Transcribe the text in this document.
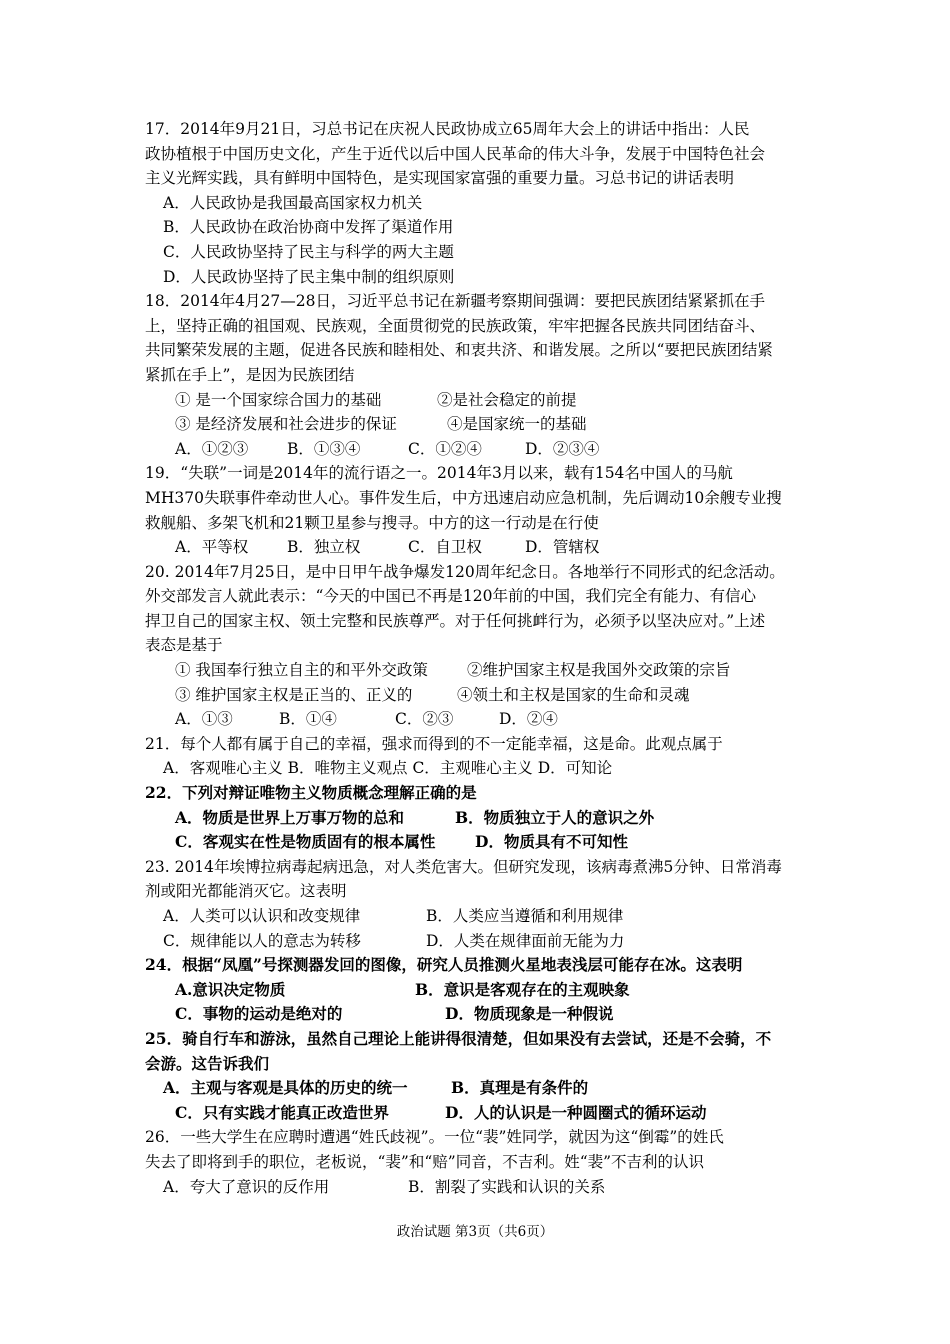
17．2014年9月21日，习总书记在庆祝人民政协成立65周年大会上的讲话中指出：人民
政协植根于中国历史文化，产生于近代以后中国人民革命的伟大斗争，发展于中国特色社会
主义光辉实践，具有鲜明中国特色，是实现国家富强的重要力量。习总书记的讲话表明
A．人民政协是我国最高国家权力机关
B．人民政协在政治协商中发挥了渠道作用
C．人民政协坚持了民主与科学的两大主题
D．人民政协坚持了民主集中制的组织原则
18．2014年4月27—28日，习近平总书记在新疆考察期间强调：要把民族团结紧紧抓在手
上，坚持正确的祖国观、民族观，全面贯彻党的民族政策，牢牢把握各民族共同团结奋斗、
共同繁荣发展的主题，促进各民族和睦相处、和衷共济、和谐发展。之所以“要把民族团结紧
紧抓在手上”，是因为民族团结
① 是一个国家综合国力的基础	②是社会稳定的前提
③ 是经济发展和社会进步的保证	④是国家统一的基础
A．①②③	B．①③④	C．①②④	D．②③④
19．“失联”一词是2014年的流行语之一。2014年3月以来，载有154名中国人的马航
MH370失联事件牵动世人心。事件发生后，中方迅速启动应急机制，先后调动10余艘专业搜
救舰船、多架飞机和21颗卫星参与搜寻。中方的这一行动是在行使
A．平等权	B．独立权	C．自卫权	D．管辖权
20. 2014年7月25日，是中日甲午战争爆发120周年纪念日。各地举行不同形式的纪念活动。
外交部发言人就此表示：“今天的中国已不再是120年前的中国，我们完全有能力、有信心
捍卫自己的国家主权、领土完整和民族尊严。对于任何挑衅行为，必须予以坚决应对。”上述
表态是基于
① 我国奉行独立自主的和平外交政策	②维护国家主权是我国外交政策的宗旨
③ 维护国家主权是正当的、正义的	④领土和主权是国家的生命和灵魂
A．①③	B．①④	C．②③	D．②④
21．每个人都有属于自己的幸福，强求而得到的不一定能幸福，这是命。此观点属于
A．客观唯心主义 B．唯物主义观点 C．主观唯心主义 D．可知论
22．下列对辩证唯物主义物质概念理解正确的是
A．物质是世界上万事万物的总和	B．物质独立于人的意识之外
C．客观实在性是物质固有的根本属性	D．物质具有不可知性
23. 2014年埃博拉病毒起病迅急，对人类危害大。但研究发现，该病毒煮沸5分钟、日常消毒
剂或阳光都能消灭它。这表明
A．人类可以认识和改变规律	B．人类应当遵循和利用规律
C．规律能以人的意志为转移	D．人类在规律面前无能为力
24．根据“凤凰”号探测器发回的图像，研究人员推测火星地表浅层可能存在冰。这表明
A.意识决定物质	B．意识是客观存在的主观映象
C．事物的运动是绝对的	D．物质现象是一种假说
25．骑自行车和游泳，虽然自己理论上能讲得很清楚，但如果没有去尝试，还是不会骑，不
会游。这告诉我们
A．主观与客观是具体的历史的统一	B．真理是有条件的
C．只有实践才能真正改造世界	D．人的认识是一种圆圈式的循环运动
26．一些大学生在应聘时遭遇“姓氏歧视”。一位“裴”姓同学，就因为这“倒霉”的姓氏
失去了即将到手的职位，老板说，“裴”和“赔”同音，不吉利。姓“裴”不吉利的认识
A．夸大了意识的反作用	B．割裂了实践和认识的关系
政治试题 第3页（共6页）
